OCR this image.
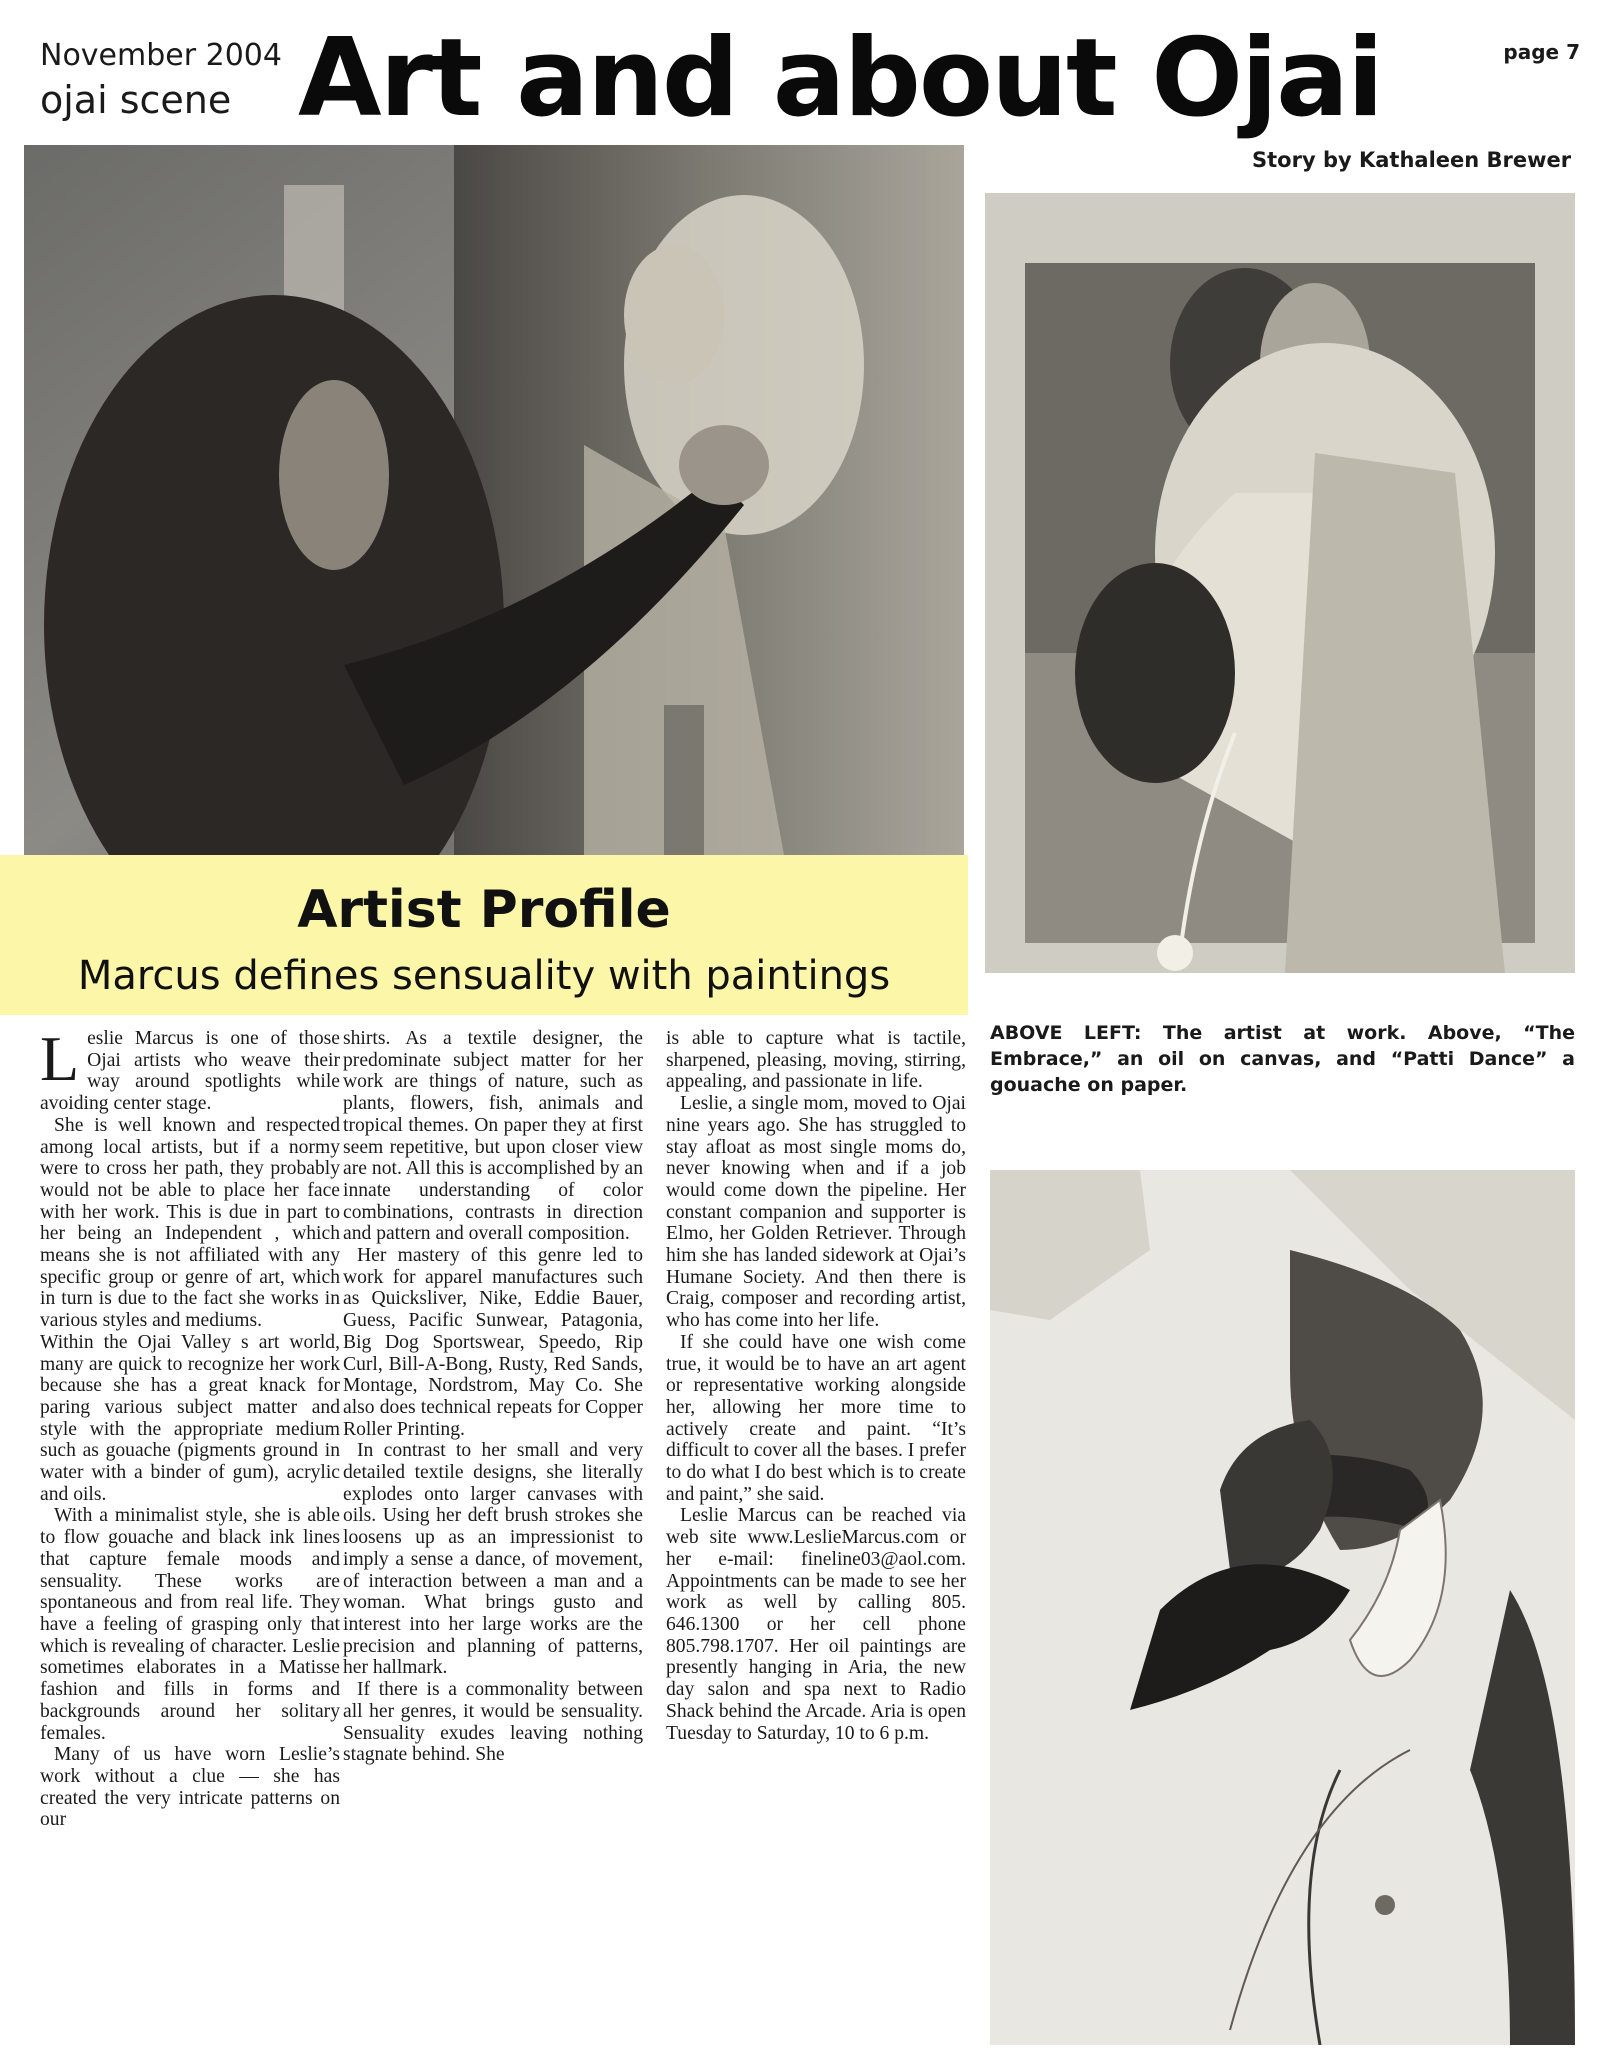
November 2004
ojai scene Art and about Ojai	page 7
Story by Kathaleen Brewer
Artist Profile
Marcus defines sensuality with paintings
ABOVE LEFT: The artist at work. Above, “The Embrace,” an oil on canvas, and “Patti Dance” a gouache on paper.

Leslie Marcus is one of those Ojai artists who weave their way around spotlights while avoiding center stage.

She is well known and respected among local artists, but if a normy were to cross her path, they probably would not be able to place her face with her work. This is due in part to her being an Independent , which means she is not affiliated with any specific group or genre of art, which in turn is due to the fact she works in various styles and mediums.

Within the Ojai Valley s art world, many are quick to recognize her work because she has a great knack for paring various subject matter and style with the appropriate medium such as gouache (pigments ground in water with a binder of gum), acrylic and oils.

With a minimalist style, she is able to flow gouache and black ink lines that capture female moods and sensuality. These works are spontaneous and from real life. They have a feeling of grasping only that which is revealing of character. Leslie sometimes elaborates in a Matisse fashion and fills in forms and backgrounds around her solitary females.

Many of us have worn Leslie’s work without a clue — she has created the very intricate patterns on our

shirts. As a textile designer, the predominate subject matter for her work are things of nature, such as plants, flowers, fish, animals and tropical themes. On paper they at first seem repetitive, but upon closer view are not. All this is accomplished by an innate understanding of color combinations, contrasts in direction and pattern and overall composition.

Her mastery of this genre led to work for apparel manufactures such as Quicksliver, Nike, Eddie Bauer, Guess, Pacific Sunwear, Patagonia, Big Dog Sportswear, Speedo, Rip Curl, Bill-A-Bong, Rusty, Red Sands, Montage, Nordstrom, May Co. She also does technical repeats for Copper Roller Printing.

In contrast to her small and very detailed textile designs, she literally explodes onto larger canvases with oils. Using her deft brush strokes she loosens up as an impressionist to imply a sense a dance, of movement, of interaction between a man and a woman. What brings gusto and interest into her large works are the precision and planning of patterns, her hallmark.

If there is a commonality between all her genres, it would be sensuality. Sensuality exudes leaving nothing stagnate behind. She

is able to capture what is tactile, sharpened, pleasing, moving, stirring, appealing, and passionate in life.

Leslie, a single mom, moved to Ojai nine years ago. She has struggled to stay afloat as most single moms do, never knowing when and if a job would come down the pipeline. Her constant companion and supporter is Elmo, her Golden Retriever. Through him she has landed sidework at Ojai’s Humane Society. And then there is Craig, composer and recording artist, who has come into her life.

If she could have one wish come true, it would be to have an art agent or representative working alongside her, allowing her more time to actively create and paint. “It’s difficult to cover all the bases. I prefer to do what I do best which is to create and paint,” she said.

Leslie Marcus can be reached via web site www.LeslieMarcus.com or her e-mail: fineline03@aol.com. Appointments can be made to see her work as well by calling 805. 646.1300 or her cell phone 805.798.1707. Her oil paintings are presently hanging in Aria, the new day salon and spa next to Radio Shack behind the Arcade. Aria is open Tuesday to Saturday, 10 to 6 p.m.
